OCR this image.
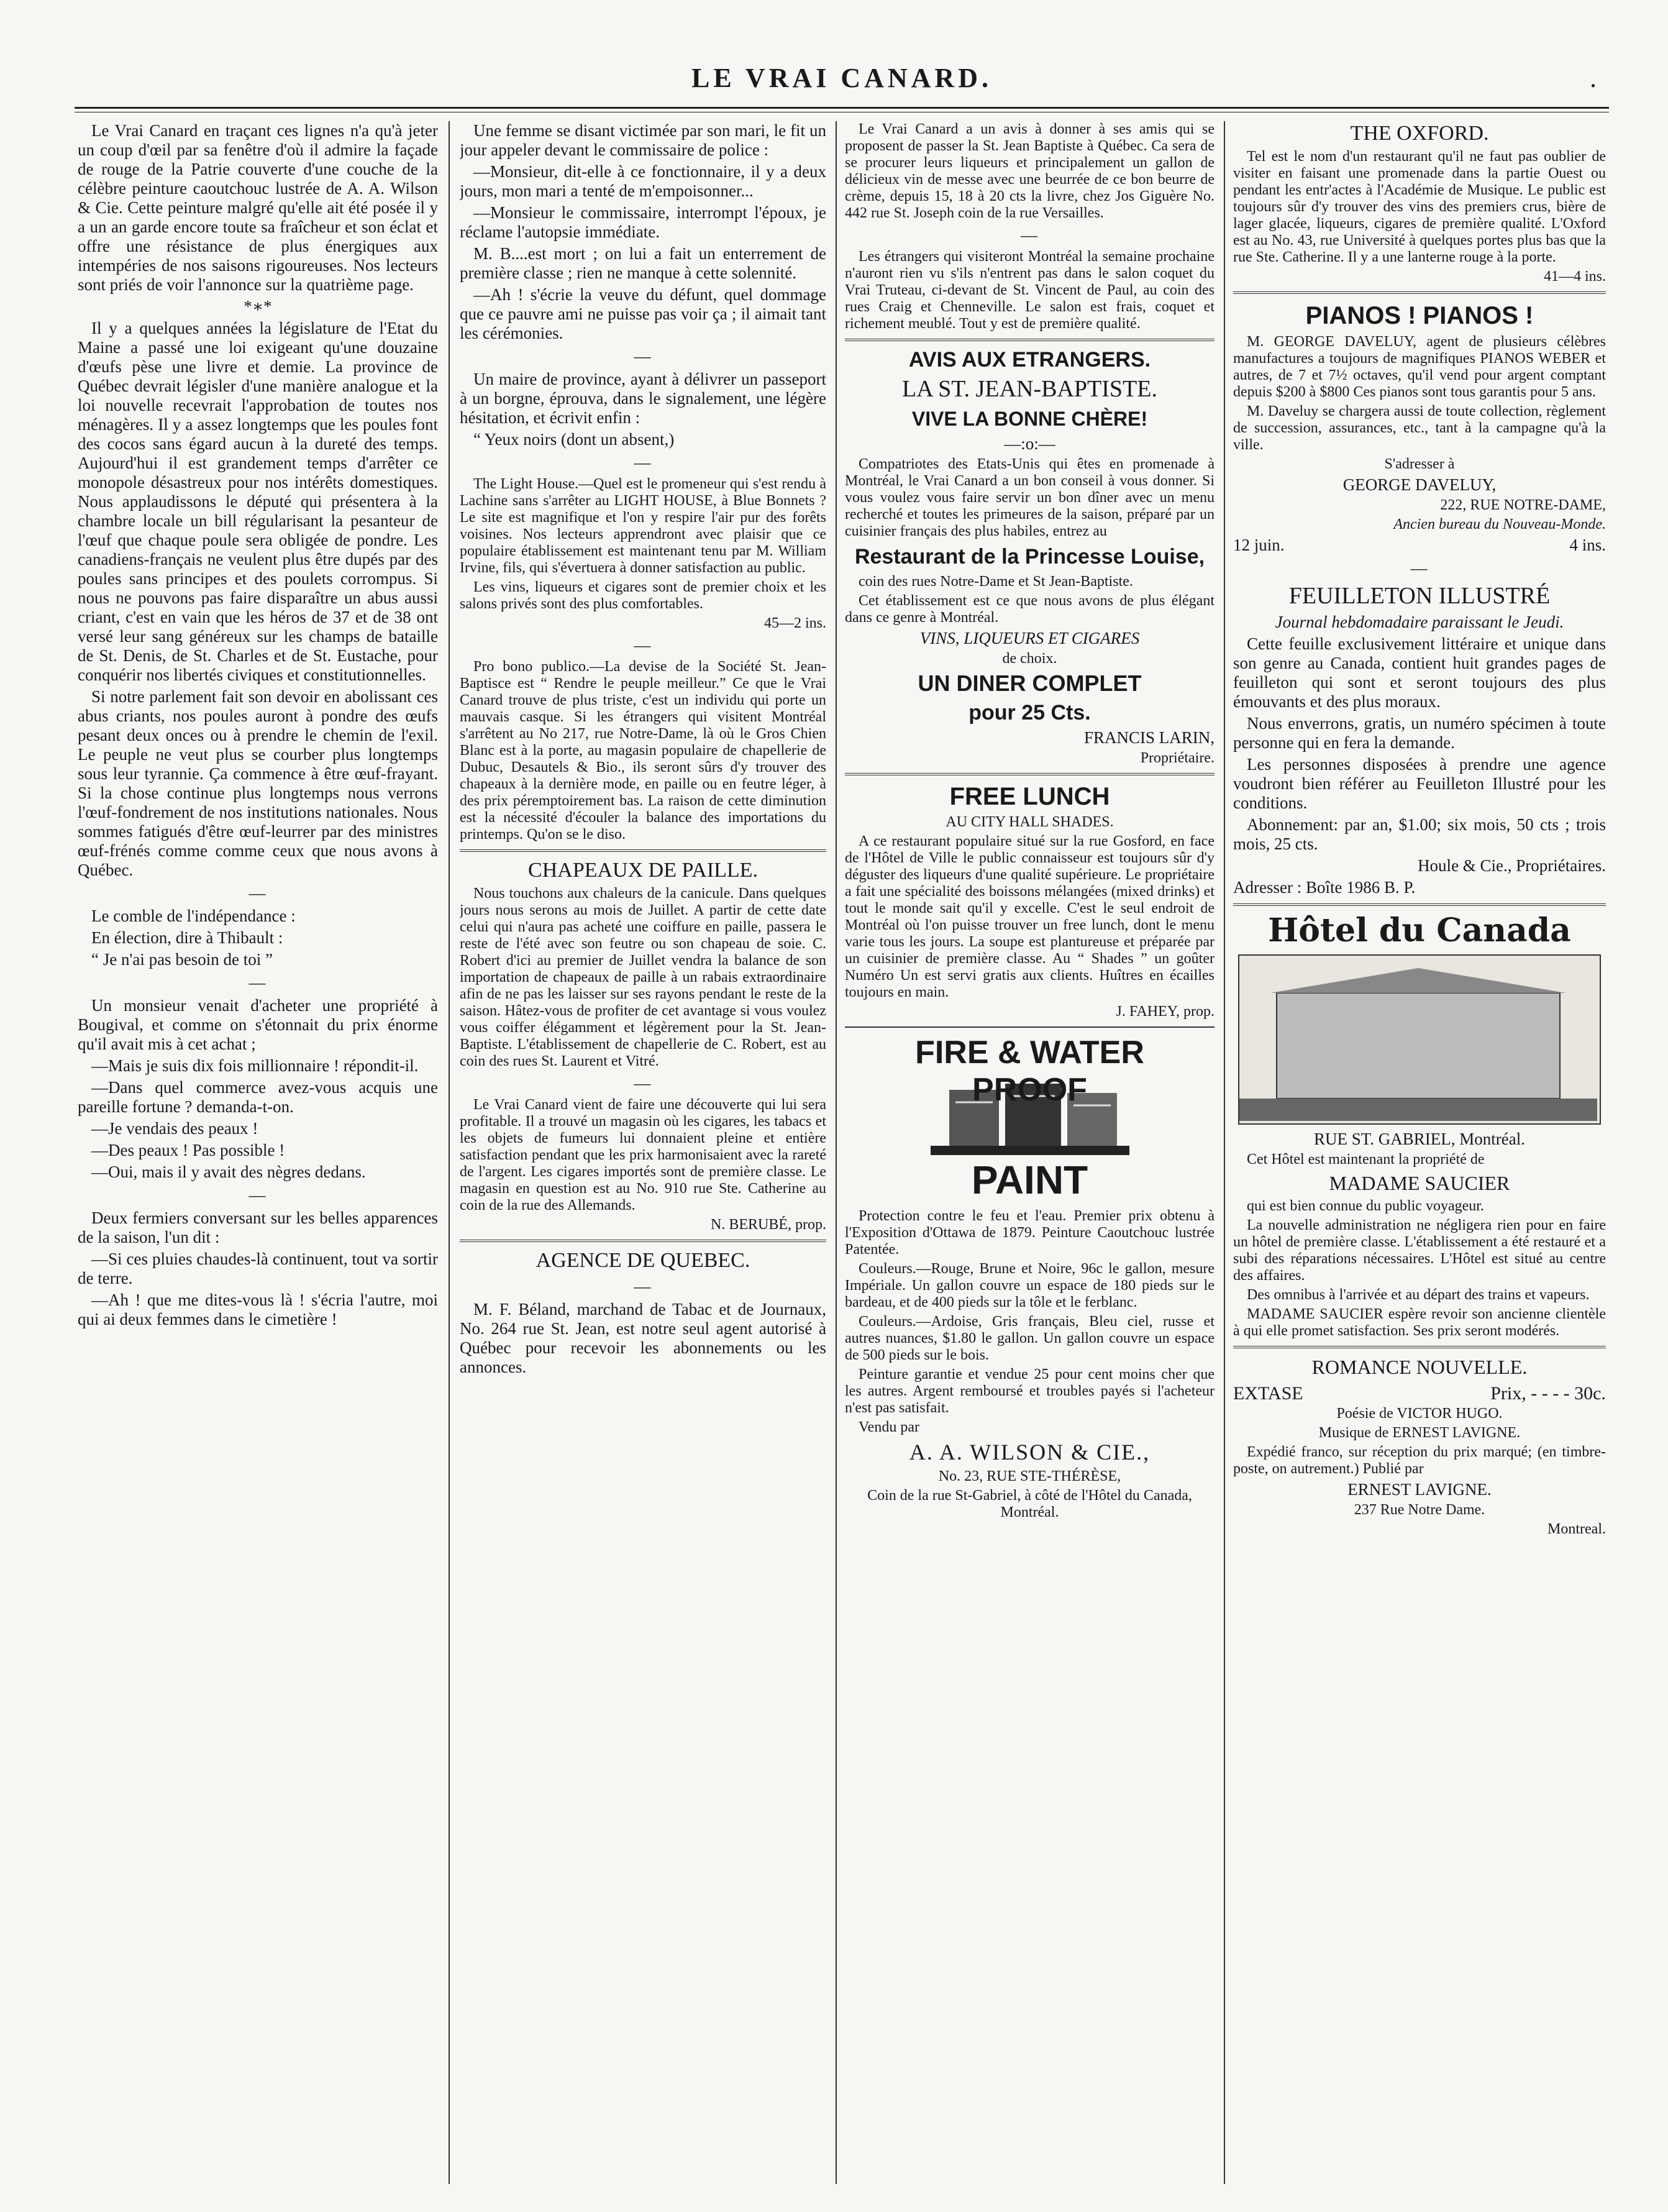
LE VRAI CANARD.	.

Le Vrai Canard en traçant ces lignes n'a qu'à jeter un coup d'œil par sa fenêtre d'où il admire la façade de rouge de la Patrie couverte d'une couche de la célèbre peinture caoutchouc lustrée de A. A. Wilson & Cie. Cette peinture malgré qu'elle ait été posée il y a un an garde encore toute sa fraîcheur et son éclat et offre une résistance de plus énergiques aux intempéries de nos saisons rigoureuses. Nos lecteurs sont priés de voir l'annonce sur la quatrième page.

*∗*

Il y a quelques années la législature de l'Etat du Maine a passé une loi exigeant qu'une douzaine d'œufs pèse une livre et demie. La province de Québec devrait législer d'une manière analogue et la loi nouvelle recevrait l'approbation de toutes nos ménagères. Il y a assez longtemps que les poules font des cocos sans égard aucun à la dureté des temps. Aujourd'hui il est grandement temps d'arrêter ce monopole désastreux pour nos intérêts domestiques. Nous applaudissons le député qui présentera à la chambre locale un bill régularisant la pesanteur de l'œuf que chaque poule sera obligée de pondre. Les canadiens-français ne veulent plus être dupés par des poules sans principes et des poulets corrompus. Si nous ne pouvons pas faire disparaître un abus aussi criant, c'est en vain que les héros de 37 et de 38 ont versé leur sang généreux sur les champs de bataille de St. Denis, de St. Charles et de St. Eustache, pour conquérir nos libertés civiques et constitutionnelles.

Si notre parlement fait son devoir en abolissant ces abus criants, nos poules auront à pondre des œufs pesant deux onces ou à prendre le chemin de l'exil. Le peuple ne veut plus se courber plus longtemps sous leur tyrannie. Ça commence à être œuf-frayant. Si la chose continue plus longtemps nous verrons l'œuf-fondrement de nos institutions nationales. Nous sommes fatigués d'être œuf-leurrer par des ministres œuf-frénés comme comme ceux que nous avons à Québec.

—

Le comble de l'indépendance :

En élection, dire à Thibault :

“ Je n'ai pas besoin de toi ”

—

Un monsieur venait d'acheter une propriété à Bougival, et comme on s'étonnait du prix énorme qu'il avait mis à cet achat ;

—Mais je suis dix fois millionnaire ! répondit-il.

—Dans quel commerce avez-vous acquis une pareille fortune ? demanda-t-on.

—Je vendais des peaux !

—Des peaux ! Pas possible !

—Oui, mais il y avait des nègres dedans.

—

Deux fermiers conversant sur les belles apparences de la saison, l'un dit :

—Si ces pluies chaudes-là continuent, tout va sortir de terre.

—Ah ! que me dites-vous là ! s'écria l'autre, moi qui ai deux femmes dans le cimetière !

Une femme se disant victimée par son mari, le fit un jour appeler devant le commissaire de police :

—Monsieur, dit-elle à ce fonctionnaire, il y a deux jours, mon mari a tenté de m'empoisonner...

—Monsieur le commissaire, interrompt l'époux, je réclame l'autopsie immédiate.

M. B....est mort ; on lui a fait un enterrement de première classe ; rien ne manque à cette solennité.

—Ah ! s'écrie la veuve du défunt, quel dommage que ce pauvre ami ne puisse pas voir ça ; il aimait tant les cérémonies.

—

Un maire de province, ayant à délivrer un passeport à un borgne, éprouva, dans le signalement, une légère hésitation, et écrivit enfin :

“ Yeux noirs (dont un absent,)

—

The Light House.—Quel est le promeneur qui s'est rendu à Lachine sans s'arrêter au LIGHT HOUSE, à Blue Bonnets ? Le site est magnifique et l'on y respire l'air pur des forêts voisines. Nos lecteurs apprendront avec plaisir que ce populaire établissement est maintenant tenu par M. William Irvine, fils, qui s'évertuera à donner satisfaction au public.

Les vins, liqueurs et cigares sont de premier choix et les salons privés sont des plus comfortables.

45—2 ins.

—

Pro bono publico.—La devise de la Société St. Jean-Baptisce est “ Rendre le peuple meilleur.” Ce que le Vrai Canard trouve de plus triste, c'est un individu qui porte un mauvais casque. Si les étrangers qui visitent Montréal s'arrêtent au No 217, rue Notre-Dame, là où le Gros Chien Blanc est à la porte, au magasin populaire de chapellerie de Dubuc, Desautels & Bio., ils seront sûrs d'y trouver des chapeaux à la dernière mode, en paille ou en feutre léger, à des prix péremptoirement bas. La raison de cette diminution est la nécessité d'écouler la balance des importations du printemps. Qu'on se le diso.

CHAPEAUX DE PAILLE.

Nous touchons aux chaleurs de la canicule. Dans quelques jours nous serons au mois de Juillet. A partir de cette date celui qui n'aura pas acheté une coiffure en paille, passera le reste de l'été avec son feutre ou son chapeau de soie. C. Robert d'ici au premier de Juillet vendra la balance de son importation de chapeaux de paille à un rabais extraordinaire afin de ne pas les laisser sur ses rayons pendant le reste de la saison. Hâtez-vous de profiter de cet avantage si vous voulez vous coiffer élégamment et légèrement pour la St. Jean-Baptiste. L'établissement de chapellerie de C. Robert, est au coin des rues St. Laurent et Vitré.

—

Le Vrai Canard vient de faire une découverte qui lui sera profitable. Il a trouvé un magasin où les cigares, les tabacs et les objets de fumeurs lui donnaient pleine et entière satisfaction pendant que les prix harmonisaient avec la rareté de l'argent. Les cigares importés sont de première classe. Le magasin en question est au No. 910 rue Ste. Catherine au coin de la rue des Allemands.

N. BERUBÉ, prop.

AGENCE DE QUEBEC.

—

M. F. Béland, marchand de Tabac et de Journaux, No. 264 rue St. Jean, est notre seul agent autorisé à Québec pour recevoir les abonnements ou les annonces.

Le Vrai Canard a un avis à donner à ses amis qui se proposent de passer la St. Jean Baptiste à Québec. Ca sera de se procurer leurs liqueurs et principalement un gallon de délicieux vin de messe avec une beurrée de ce bon beurre de crème, depuis 15, 18 à 20 cts la livre, chez Jos Giguère No. 442 rue St. Joseph coin de la rue Versailles.

—

Les étrangers qui visiteront Montréal la semaine prochaine n'auront rien vu s'ils n'entrent pas dans le salon coquet du Vrai Truteau, ci-devant de St. Vincent de Paul, au coin des rues Craig et Chenneville. Le salon est frais, coquet et richement meublé. Tout y est de première qualité.

AVIS AUX ETRANGERS.

LA ST. JEAN-BAPTISTE.

VIVE LA BONNE CHÈRE!

—:o:—

Compatriotes des Etats-Unis qui êtes en promenade à Montréal, le Vrai Canard a un bon conseil à vous donner. Si vous voulez vous faire servir un bon dîner avec un menu recherché et toutes les primeures de la saison, préparé par un cuisinier français des plus habiles, entrez au

Restaurant de la Princesse Louise,

coin des rues Notre-Dame et St Jean-Baptiste.

Cet établissement est ce que nous avons de plus élégant dans ce genre à Montréal.

VINS, LIQUEURS ET CIGARES

de choix.

UN DINER COMPLET

pour 25 Cts.

FRANCIS LARIN,

Propriétaire.

FREE LUNCH

AU CITY HALL SHADES.

A ce restaurant populaire situé sur la rue Gosford, en face de l'Hôtel de Ville le public connaisseur est toujours sûr d'y déguster des liqueurs d'une qualité supérieure. Le propriétaire a fait une spécialité des boissons mélangées (mixed drinks) et tout le monde sait qu'il y excelle. C'est le seul endroit de Montréal où l'on puisse trouver un free lunch, dont le menu varie tous les jours. La soupe est plantureuse et préparée par un cuisinier de première classe. Au “ Shades ” un goûter Numéro Un est servi gratis aux clients. Huîtres en écailles toujours en main.

J. FAHEY, prop.

FIRE & WATER PROOF
PAINT

Protection contre le feu et l'eau. Premier prix obtenu à l'Exposition d'Ottawa de 1879. Peinture Caoutchouc lustrée Patentée.

Couleurs.—Rouge, Brune et Noire, 96c le gallon, mesure Impériale. Un gallon couvre un espace de 180 pieds sur le bardeau, et de 400 pieds sur la tôle et le ferblanc.

Couleurs.—Ardoise, Gris français, Bleu ciel, russe et autres nuances, $1.80 le gallon. Un gallon couvre un espace de 500 pieds sur le bois.

Peinture garantie et vendue 25 pour cent moins cher que les autres. Argent remboursé et troubles payés si l'acheteur n'est pas satisfait.

Vendu par

A. A. WILSON & CIE.,

No. 23, RUE STE-THÉRÈSE,

Coin de la rue St-Gabriel, à côté de l'Hôtel du Canada, Montréal.

THE OXFORD.

Tel est le nom d'un restaurant qu'il ne faut pas oublier de visiter en faisant une promenade dans la partie Ouest ou pendant les entr'actes à l'Académie de Musique. Le public est toujours sûr d'y trouver des vins des premiers crus, bière de lager glacée, liqueurs, cigares de première qualité. L'Oxford est au No. 43, rue Université à quelques portes plus bas que la rue Ste. Catherine. Il y a une lanterne rouge à la porte.

41—4 ins.

PIANOS ! PIANOS !

M. GEORGE DAVELUY, agent de plusieurs célèbres manufactures a toujours de magnifiques PIANOS WEBER et autres, de 7 et 7½ octaves, qu'il vend pour argent comptant depuis $200 à $800 Ces pianos sont tous garantis pour 5 ans.

M. Daveluy se chargera aussi de toute collection, règlement de succession, assurances, etc., tant à la campagne qu'à la ville.

S'adresser à

GEORGE DAVELUY,

222, RUE NOTRE-DAME,

Ancien bureau du Nouveau-Monde.

12 juin.	4 ins.
—

FEUILLETON ILLUSTRÉ

Journal hebdomadaire paraissant le Jeudi.

Cette feuille exclusivement littéraire et unique dans son genre au Canada, contient huit grandes pages de feuilleton qui sont et seront toujours des plus émouvants et des plus moraux.

Nous enverrons, gratis, un numéro spécimen à toute personne qui en fera la demande.

Les personnes disposées à prendre une agence voudront bien référer au Feuilleton Illustré pour les conditions.

Abonnement: par an, $1.00; six mois, 50 cts ; trois mois, 25 cts.

Houle & Cie., Propriétaires.

Adresser : Boîte 1986 B. P.

Hôtel du Canada

RUE ST. GABRIEL, Montréal.

Cet Hôtel est maintenant la propriété de

MADAME SAUCIER

qui est bien connue du public voyageur.

La nouvelle administration ne négligera rien pour en faire un hôtel de première classe. L'établissement a été restauré et a subi des réparations nécessaires. L'Hôtel est situé au centre des affaires.

Des omnibus à l'arrivée et au départ des trains et vapeurs.

MADAME SAUCIER espère revoir son ancienne clientèle à qui elle promet satisfaction. Ses prix seront modérés.

ROMANCE NOUVELLE.

EXTASE	Prix, - - - - 30c.

Poésie de VICTOR HUGO.

Musique de ERNEST LAVIGNE.

Expédié franco, sur réception du prix marqué; (en timbre-poste, on autrement.) Publié par

ERNEST LAVIGNE.

237 Rue Notre Dame.

Montreal.
